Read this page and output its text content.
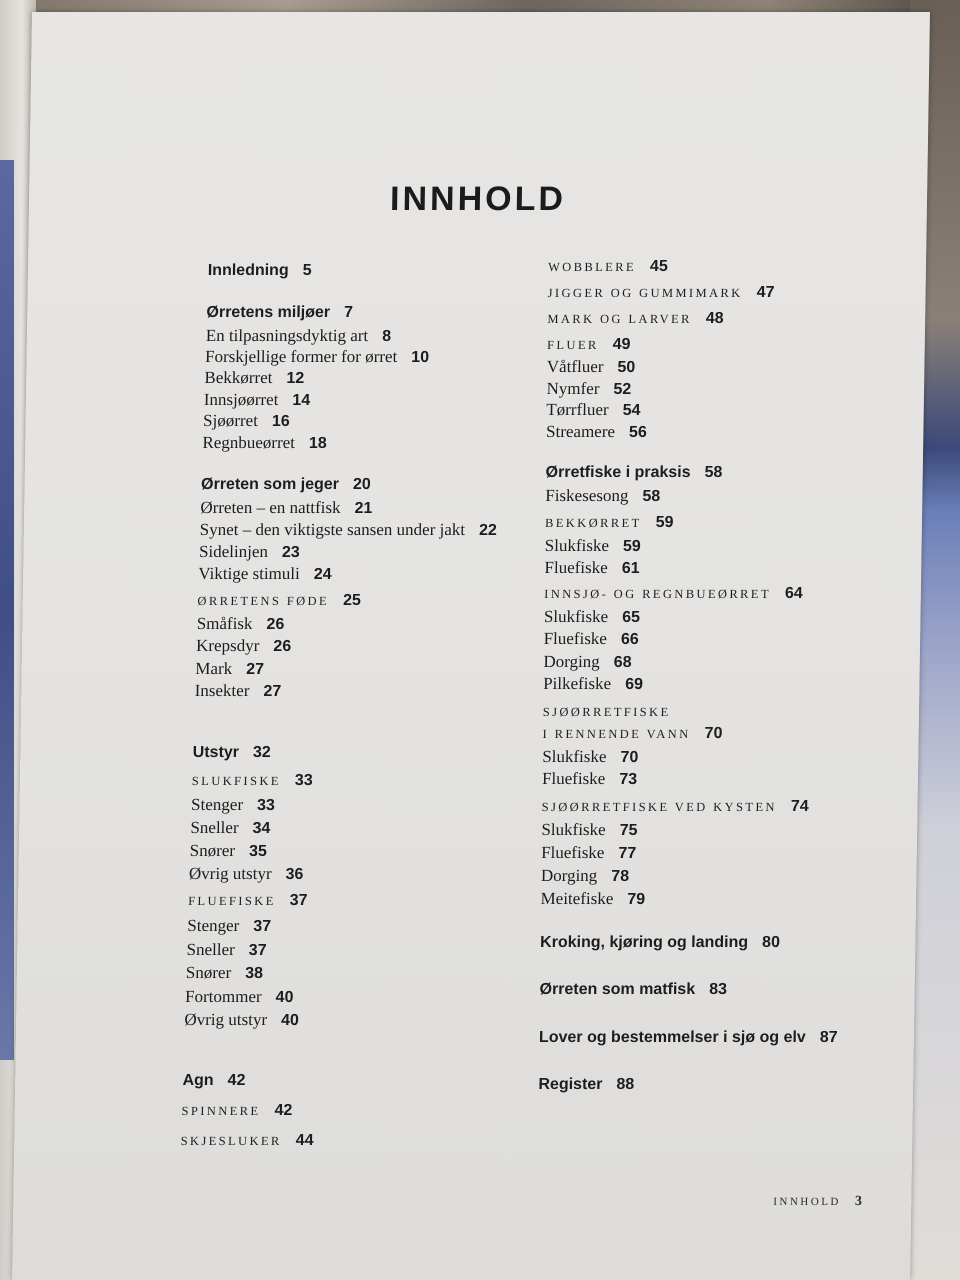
INNHOLD
Innledning 5
Ørretens miljøer 7
En tilpasningsdyktig art 8
Forskjellige former for ørret 10
Bekkørret 12
Innsjøørret 14
Sjøørret 16
Regnbueørret 18
Ørreten som jeger 20
Ørreten – en nattfisk 21
Synet – den viktigste sansen under jakt 22
Sidelinjen 23
Viktige stimuli 24
ØRRETENS FØDE 25
Småfisk 26
Krepsdyr 26
Mark 27
Insekter 27
Utstyr 32
SLUKFISKE 33
Stenger 33
Sneller 34
Snører 35
Øvrig utstyr 36
FLUEFISKE 37
Stenger 37
Sneller 37
Snører 38
Fortommer 40
Øvrig utstyr 40
Agn 42
SPINNERE 42
SKJESLUKER 44
WOBBLERE 45
JIGGER OG GUMMIMARK 47
MARK OG LARVER 48
FLUER 49
Våtfluer 50
Nymfer 52
Tørrfluer 54
Streamere 56
Ørretfiske i praksis 58
Fiskesesong 58
BEKKØRRET 59
Slukfiske 59
Fluefiske 61
INNSJØ- OG REGNBUEØRRET 64
Slukfiske 65
Fluefiske 66
Dorging 68
Pilkefiske 69
SJØØRRETFISKE
I RENNENDE VANN 70
Slukfiske 70
Fluefiske 73
SJØØRRETFISKE VED KYSTEN 74
Slukfiske 75
Fluefiske 77
Dorging 78
Meitefiske 79
Kroking, kjøring og landing 80
Ørreten som matfisk 83
Lover og bestemmelser i sjø og elv 87
Register 88
INNHOLD 3
